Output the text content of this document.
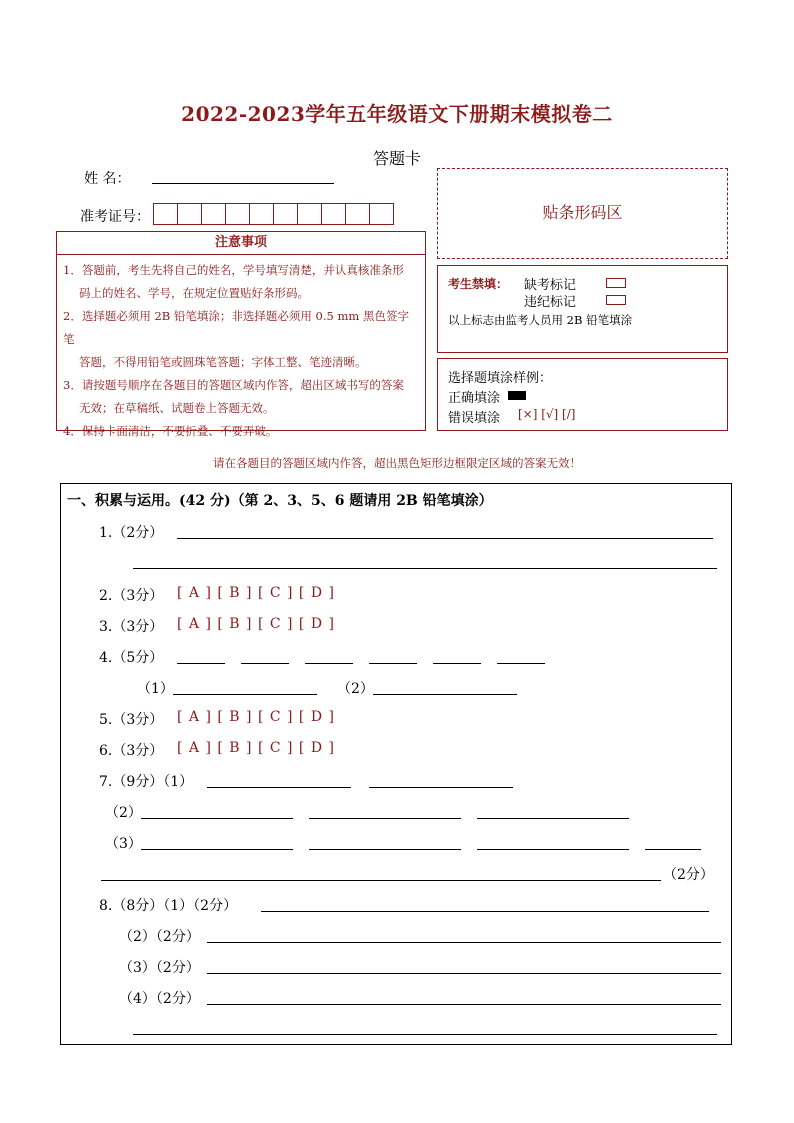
2022-2023学年五年级语文下册期末模拟卷二
答题卡
姓 名：
准考证号：
注意事项

1．答题前，考生先将自己的姓名，学号填写清楚，并认真核准条形

码上的姓名、学号，在规定位置贴好条形码。

2．选择题必须用 2B 铅笔填涂；非选择题必须用 0.5 mm 黑色签字笔

答题，不得用铅笔或圆珠笔答题；字体工整、笔迹清晰。

3．请按题号顺序在各题目的答题区域内作答，超出区域书写的答案

无效；在草稿纸、试题卷上答题无效。

4．保持卡面清洁，不要折叠、不要弄破。

贴条形码区
考生禁填： 缺考标记
违纪标记
以上标志由监考人员用 2B 铅笔填涂
选择题填涂样例：
正确填涂
错误填涂 [×] [√] [/]
请在各题目的答题区域内作答，超出黑色矩形边框限定区域的答案无效！
一、积累与运用。(42 分)（第 2、3、5、6 题请用 2B 铅笔填涂）
1.（2分）
2.（3分） [ A ] [ B ] [ C ] [ D ]
3.（3分） [ A ] [ B ] [ C ] [ D ]
4.（5分）
（1）	（2）
5.（3分） [ A ] [ B ] [ C ] [ D ]
6.（3分） [ A ] [ B ] [ C ] [ D ]
7.（9分）（1）
（2）
（3）
（2分）
8.（8分）（1）（2分）
（2）（2分）
（3）（2分）
（4）（2分）
